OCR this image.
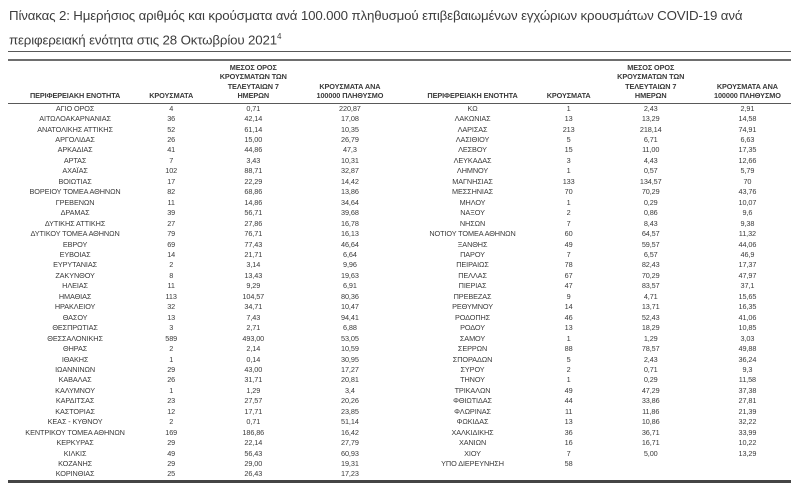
Πίνακας 2: Ημερήσιος αριθμός και κρούσματα ανά 100.000 πληθυσμού επιβεβαιωμένων εγχώριων κρουσμάτων COVID-19 ανά περιφερειακή ενότητα στις 28 Οκτωβρίου 2021$^4$
ΠΕΡΙΦΕΡΕΙΑΚΗ ΕΝΟΤΗΤΑ	ΚΡΟΥΣΜΑΤΑ	ΜΕΣΟΣ ΟΡΟΣ ΚΡΟΥΣΜΑΤΩΝ ΤΩΝ ΤΕΛΕΥΤΑΙΩΝ 7 ΗΜΕΡΩΝ	ΚΡΟΥΣΜΑΤΑ ΑΝΑ 100000 ΠΛΗΘΥΣΜΟ		ΠΕΡΙΦΕΡΕΙΑΚΗ ΕΝΟΤΗΤΑ	ΚΡΟΥΣΜΑΤΑ	ΜΕΣΟΣ ΟΡΟΣ ΚΡΟΥΣΜΑΤΩΝ ΤΩΝ ΤΕΛΕΥΤΑΙΩΝ 7 ΗΜΕΡΩΝ	ΚΡΟΥΣΜΑΤΑ ΑΝΑ 100000 ΠΛΗΘΥΣΜΟ
ΑΓΙΟ ΟΡΟΣ	4	0,71	220,87		ΚΩ	1	2,43	2,91
ΑΙΤΩΛΟΑΚΑΡΝΑΝΙΑΣ	36	42,14	17,08		ΛΑΚΩΝΙΑΣ	13	13,29	14,58
ΑΝΑΤΟΛΙΚΗΣ ΑΤΤΙΚΗΣ	52	61,14	10,35		ΛΑΡΙΣΑΣ	213	218,14	74,91
ΑΡΓΟΛΙΔΑΣ	26	15,00	26,79		ΛΑΣΙΘΙΟΥ	5	6,71	6,63
ΑΡΚΑΔΙΑΣ	41	44,86	47,3		ΛΕΣΒΟΥ	15	11,00	17,35
ΑΡΤΑΣ	7	3,43	10,31		ΛΕΥΚΑΔΑΣ	3	4,43	12,66
ΑΧΑΪΑΣ	102	88,71	32,87		ΛΗΜΝΟΥ	1	0,57	5,79
ΒΟΙΩΤΙΑΣ	17	22,29	14,42		ΜΑΓΝΗΣΙΑΣ	133	134,57	70
ΒΟΡΕΙΟΥ ΤΟΜΕΑ ΑΘΗΝΩΝ	82	68,86	13,86		ΜΕΣΣΗΝΙΑΣ	70	70,29	43,76
ΓΡΕΒΕΝΩΝ	11	14,86	34,64		ΜΗΛΟΥ	1	0,29	10,07
ΔΡΑΜΑΣ	39	56,71	39,68		ΝΑΞΟΥ	2	0,86	9,6
ΔΥΤΙΚΗΣ ΑΤΤΙΚΗΣ	27	27,86	16,78		ΝΗΣΩΝ	7	8,43	9,38
ΔΥΤΙΚΟΥ ΤΟΜΕΑ ΑΘΗΝΩΝ	79	76,71	16,13		ΝΟΤΙΟΥ ΤΟΜΕΑ ΑΘΗΝΩΝ	60	64,57	11,32
ΕΒΡΟΥ	69	77,43	46,64		ΞΑΝΘΗΣ	49	59,57	44,06
ΕΥΒΟΙΑΣ	14	21,71	6,64		ΠΑΡΟΥ	7	6,57	46,9
ΕΥΡΥΤΑΝΙΑΣ	2	3,14	9,96		ΠΕΙΡΑΙΩΣ	78	82,43	17,37
ΖΑΚΥΝΘΟΥ	8	13,43	19,63		ΠΕΛΛΑΣ	67	70,29	47,97
ΗΛΕΙΑΣ	11	9,29	6,91		ΠΙΕΡΙΑΣ	47	83,57	37,1
ΗΜΑΘΙΑΣ	113	104,57	80,36		ΠΡΕΒΕΖΑΣ	9	4,71	15,65
ΗΡΑΚΛΕΙΟΥ	32	34,71	10,47		ΡΕΘΥΜΝΟΥ	14	13,71	16,35
ΘΑΣΟΥ	13	7,43	94,41		ΡΟΔΟΠΗΣ	46	52,43	41,06
ΘΕΣΠΡΩΤΙΑΣ	3	2,71	6,88		ΡΟΔΟΥ	13	18,29	10,85
ΘΕΣΣΑΛΟΝΙΚΗΣ	589	493,00	53,05		ΣΑΜΟΥ	1	1,29	3,03
ΘΗΡΑΣ	2	2,14	10,59		ΣΕΡΡΩΝ	88	78,57	49,88
ΙΘΑΚΗΣ	1	0,14	30,95		ΣΠΟΡΑΔΩΝ	5	2,43	36,24
ΙΩΑΝΝΙΝΩΝ	29	43,00	17,27		ΣΥΡΟΥ	2	0,71	9,3
ΚΑΒΑΛΑΣ	26	31,71	20,81		ΤΗΝΟΥ	1	0,29	11,58
ΚΑΛΥΜΝΟΥ	1	1,29	3,4		ΤΡΙΚΑΛΩΝ	49	47,29	37,38
ΚΑΡΔΙΤΣΑΣ	23	27,57	20,26		ΦΘΙΩΤΙΔΑΣ	44	33,86	27,81
ΚΑΣΤΟΡΙΑΣ	12	17,71	23,85		ΦΛΩΡΙΝΑΣ	11	11,86	21,39
ΚΕΑΣ - ΚΥΘΝΟΥ	2	0,71	51,14		ΦΩΚΙΔΑΣ	13	10,86	32,22
ΚΕΝΤΡΙΚΟΥ ΤΟΜΕΑ ΑΘΗΝΩΝ	169	186,86	16,42		ΧΑΛΚΙΔΙΚΗΣ	36	36,71	33,99
ΚΕΡΚΥΡΑΣ	29	22,14	27,79		ΧΑΝΙΩΝ	16	16,71	10,22
ΚΙΛΚΙΣ	49	56,43	60,93		ΧΙΟΥ	7	5,00	13,29
ΚΟΖΑΝΗΣ	29	29,00	19,31		ΥΠΟ ΔΙΕΡΕΥΝΗΣΗ	58		
ΚΟΡΙΝΘΙΑΣ	25	26,43	17,23					
